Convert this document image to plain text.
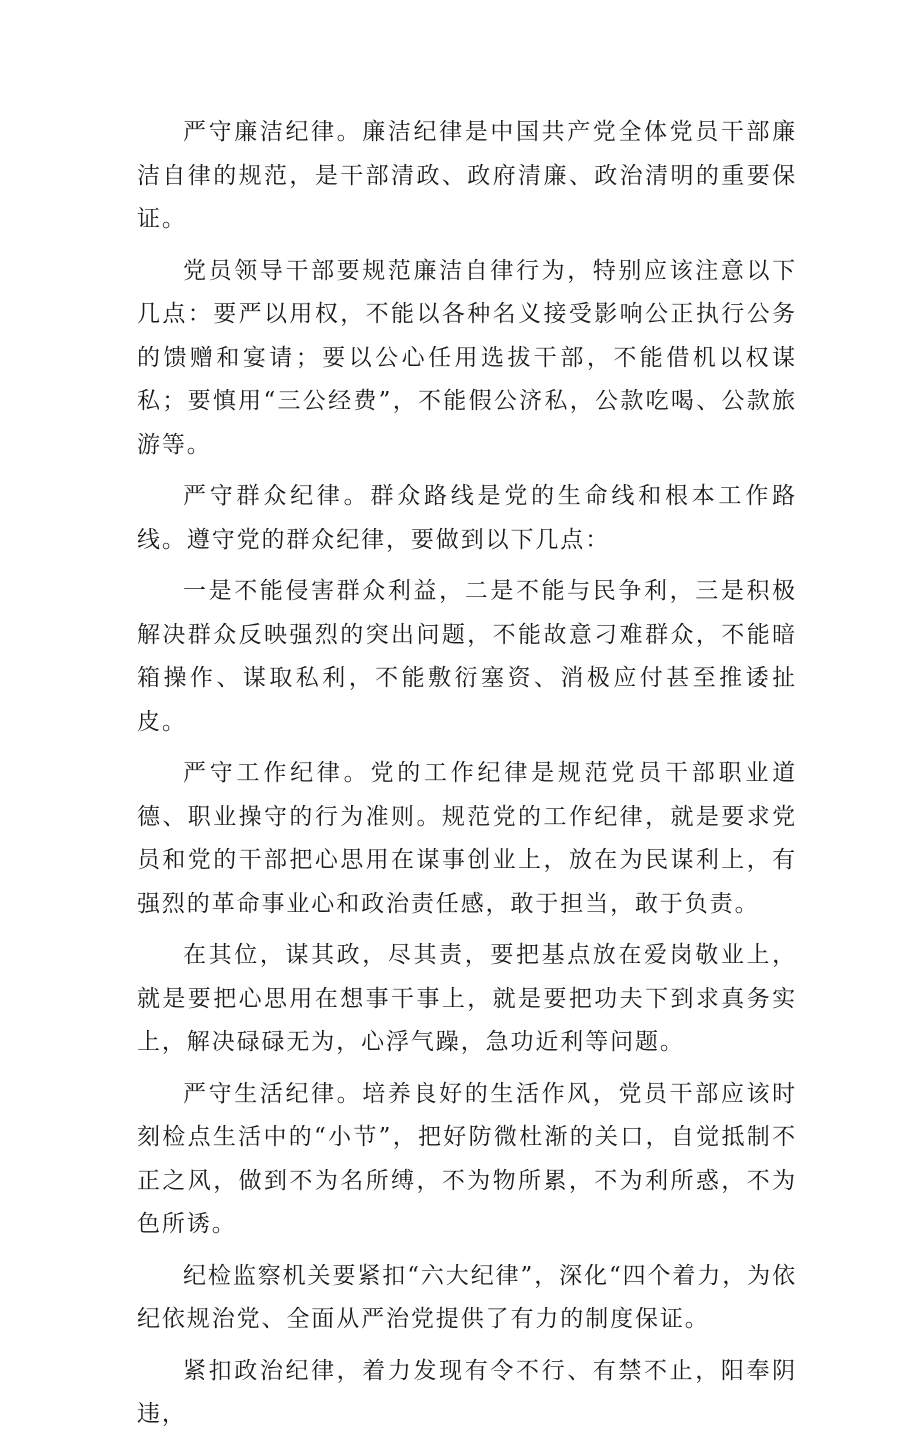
严守廉洁纪律。廉洁纪律是中国共产党全体党员干部廉洁自律的规范，是干部清政、政府清廉、政治清明的重要保证。

党员领导干部要规范廉洁自律行为，特别应该注意以下几点：要严以用权，不能以各种名义接受影响公正执行公务的馈赠和宴请；要以公心任用选拔干部，不能借机以权谋私；要慎用“三公经费”，不能假公济私，公款吃喝、公款旅游等。

严守群众纪律。群众路线是党的生命线和根本工作路线。遵守党的群众纪律，要做到以下几点：

一是不能侵害群众利益，二是不能与民争利，三是积极解决群众反映强烈的突出问题，不能故意刁难群众，不能暗箱操作、谋取私利，不能敷衍塞资、消极应付甚至推诿扯皮。

严守工作纪律。党的工作纪律是规范党员干部职业道德、职业操守的行为准则。规范党的工作纪律，就是要求党员和党的干部把心思用在谋事创业上，放在为民谋利上，有强烈的革命事业心和政治责任感，敢于担当，敢于负责。

在其位，谋其政，尽其责，要把基点放在爱岗敬业上，就是要把心思用在想事干事上，就是要把功夫下到求真务实上，解决碌碌无为，心浮气躁，急功近利等问题。

严守生活纪律。培养良好的生活作风，党员干部应该时刻检点生活中的“小节”，把好防微杜渐的关口，自觉抵制不正之风，做到不为名所缚，不为物所累，不为利所惑，不为色所诱。

纪检监察机关要紧扣“六大纪律”，深化“四个着力，为依纪依规治党、全面从严治党提供了有力的制度保证。

紧扣政治纪律，着力发现有令不行、有禁不止，阳奉阴违，
